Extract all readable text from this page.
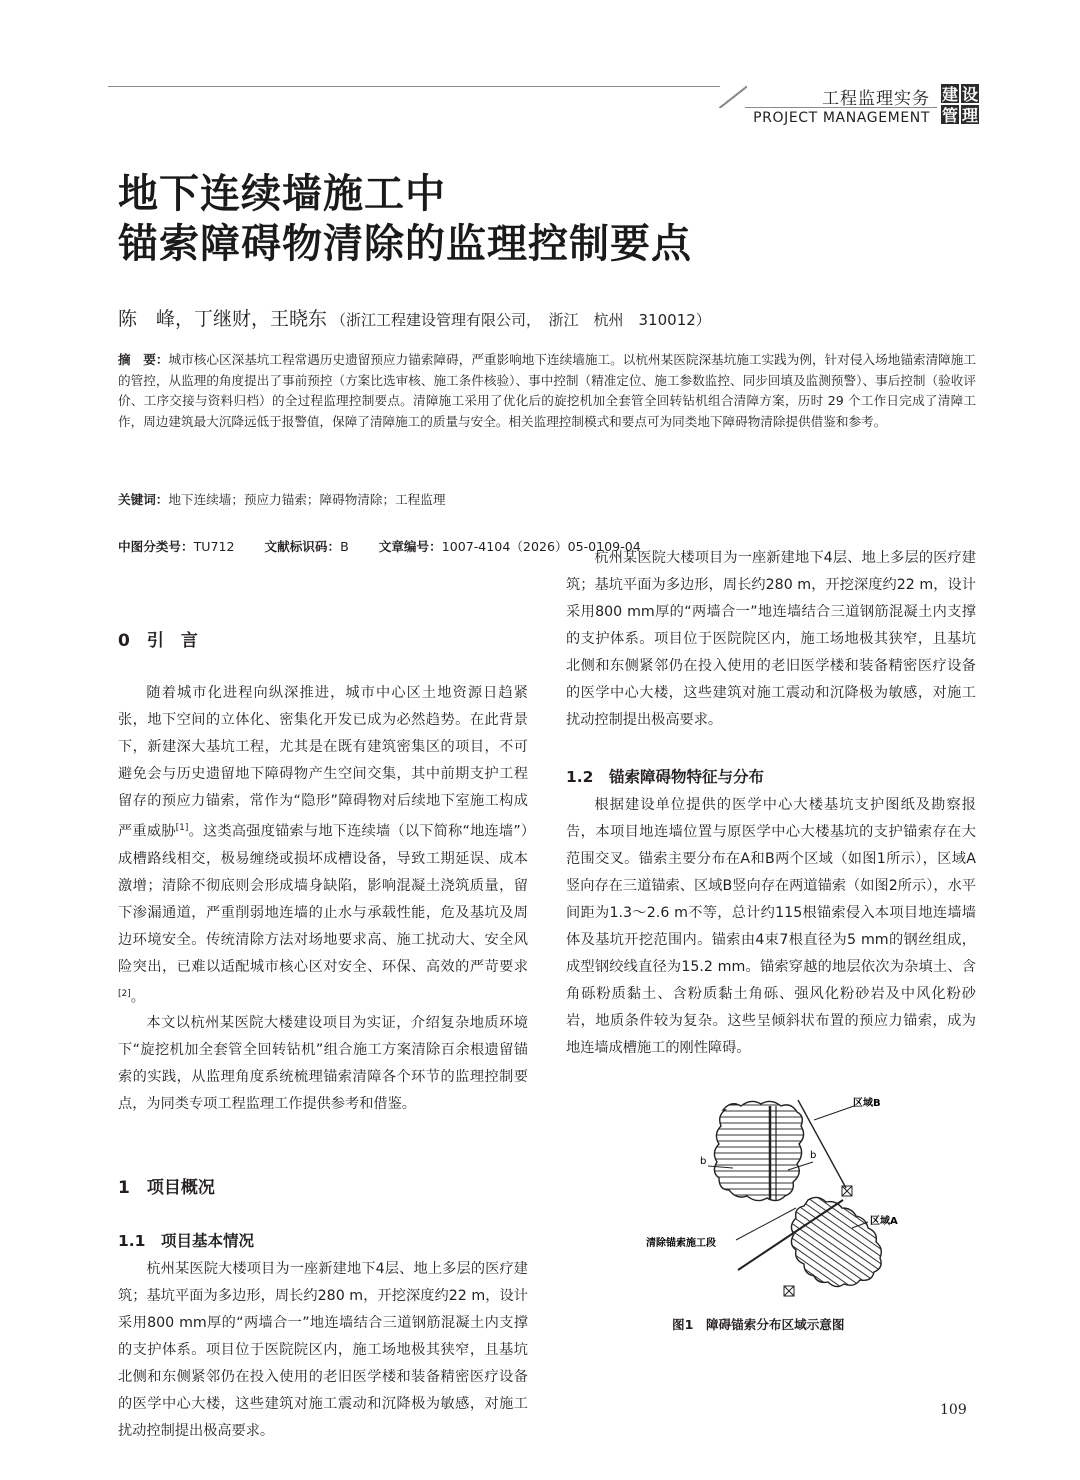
工程监理实务
PROJECT MANAGEMENT
建 设
管 理
地下连续墙施工中
锚索障碍物清除的监理控制要点
陈　峰，丁继财，王晓东 （浙江工程建设管理有限公司，　浙江　杭州　310012）
摘　要：城市核心区深基坑工程常遇历史遗留预应力锚索障碍，严重影响地下连续墙施工。以杭州某医院深基坑施工实践为例，针对侵入场地锚索清障施工的管控，从监理的角度提出了事前预控（方案比选审核、施工条件核验）、事中控制（精准定位、施工参数监控、同步回填及监测预警）、事后控制（验收评价、工序交接与资料归档）的全过程监理控制要点。清障施工采用了优化后的旋挖机加全套管全回转钻机组合清障方案，历时 29 个工作日完成了清障工作，周边建筑最大沉降远低于报警值，保障了清障施工的质量与安全。相关监理控制模式和要点可为同类地下障碍物清除提供借鉴和参考。
关键词：地下连续墙；预应力锚索；障碍物清除；工程监理
中图分类号：TU712 文献标识码：B 文章编号：1007-4104（2026）05-0109-04
0　引　言
随着城市化进程向纵深推进，城市中心区土地资源日趋紧张，地下空间的立体化、密集化开发已成为必然趋势。在此背景下，新建深大基坑工程，尤其是在既有建筑密集区的项目，不可避免会与历史遗留地下障碍物产生空间交集，其中前期支护工程留存的预应力锚索，常作为“隐形”障碍物对后续地下室施工构成严重威胁[1]。这类高强度锚索与地下连续墙（以下简称“地连墙”）成槽路线相交，极易缠绕或损坏成槽设备，导致工期延误、成本激增；清除不彻底则会形成墙身缺陷，影响混凝土浇筑质量，留下渗漏通道，严重削弱地连墙的止水与承载性能，危及基坑及周边环境安全。传统清除方法对场地要求高、施工扰动大、安全风险突出，已难以适配城市核心区对安全、环保、高效的严苛要求[2]。
本文以杭州某医院大楼建设项目为实证，介绍复杂地质环境下“旋挖机加全套管全回转钻机”组合施工方案清除百余根遗留锚索的实践，从监理角度系统梳理锚索清障各个环节的监理控制要点，为同类专项工程监理工作提供参考和借鉴。
1　项目概况
1.1　项目基本情况
杭州某医院大楼项目为一座新建地下4层、地上多层的医疗建筑；基坑平面为多边形，周长约280 m，开挖深度约22 m，设计采用800 mm厚的“两墙合一”地连墙结合三道钢筋混凝土内支撑的支护体系。项目位于医院院区内，施工场地极其狭窄，且基坑北侧和东侧紧邻仍在投入使用的老旧医学楼和装备精密医疗设备的医学中心大楼，这些建筑对施工震动和沉降极为敏感，对施工扰动控制提出极高要求。
杭州某医院大楼项目为一座新建地下4层、地上多层的医疗建筑；基坑平面为多边形，周长约280 m，开挖深度约22 m，设计采用800 mm厚的“两墙合一”地连墙结合三道钢筋混凝土内支撑的支护体系。项目位于医院院区内，施工场地极其狭窄，且基坑北侧和东侧紧邻仍在投入使用的老旧医学楼和装备精密医疗设备的医学中心大楼，这些建筑对施工震动和沉降极为敏感，对施工扰动控制提出极高要求。
1.2　锚索障碍物特征与分布
根据建设单位提供的医学中心大楼基坑支护图纸及勘察报告，本项目地连墙位置与原医学中心大楼基坑的支护锚索存在大范围交叉。锚索主要分布在A和B两个区域（如图1所示），区域A竖向存在三道锚索、区域B竖向存在两道锚索（如图2所示），水平间距为1.3～2.6 m不等，总计约115根锚索侵入本项目地连墙墙体及基坑开挖范围内。锚索由4束7根直径为5 mm的钢丝组成，成型钢绞线直径为15.2 mm。锚索穿越的地层依次为杂填土、含角砾粉质黏土、含粉质黏土角砾、强风化粉砂岩及中风化粉砂岩，地质条件较为复杂。这些呈倾斜状布置的预应力锚索，成为地连墙成槽施工的刚性障碍。
区域B
区域A
b
b
清除锚索施工段
图1　障碍锚索分布区域示意图
109
